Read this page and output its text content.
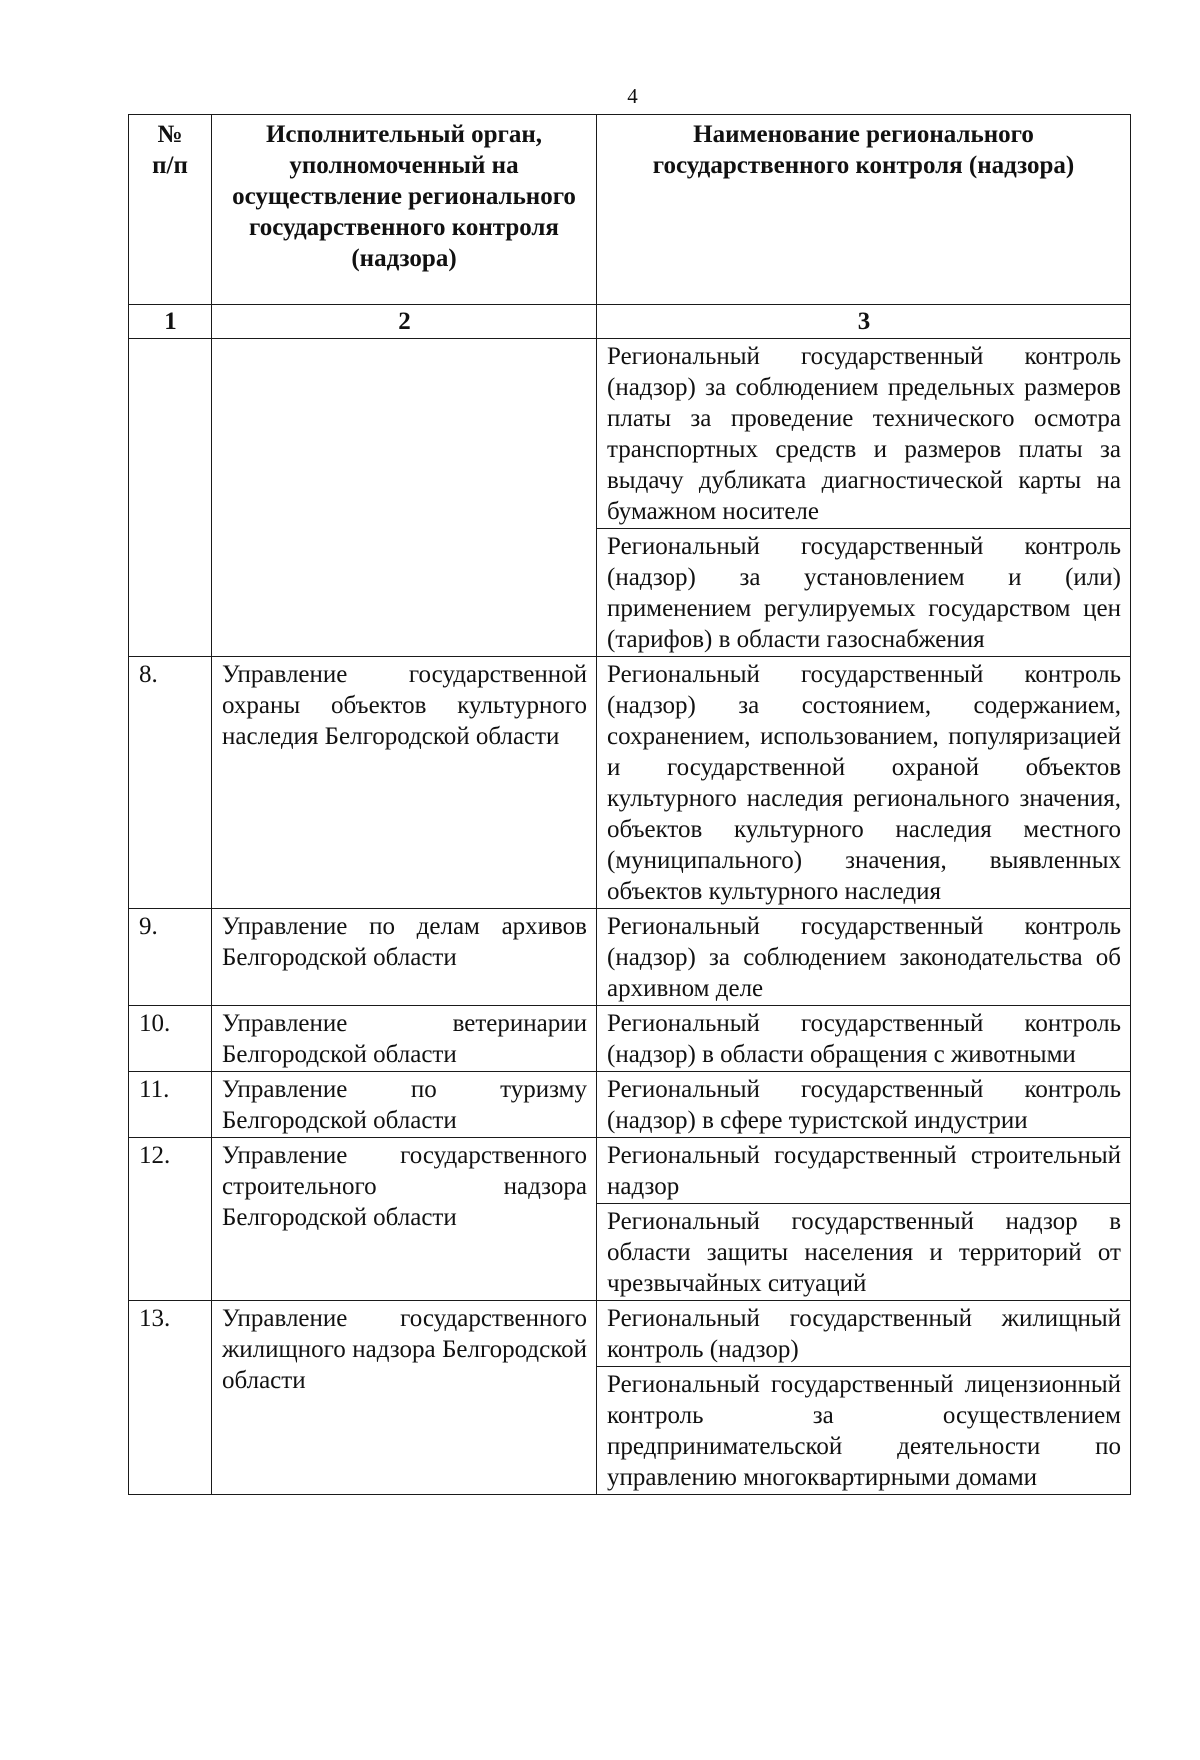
4
№ п/п	Исполнительный орган, уполномоченный на осуществление регионального государственного контроля (надзора)	Наименование регионального государственного контроля (надзора)
1	2	3
		Региональный государственный контроль (надзор) за соблюдением предельных размеров платы за проведение технического осмотра транспортных средств и размеров платы за выдачу дубликата диагностической карты на бумажном носителе
		Региональный государственный контроль (надзор) за установлением и (или) применением регулируемых государством цен (тарифов) в области газоснабжения
8.	Управление государственной охраны объектов культурного наследия Белгородской области	Региональный государственный контроль (надзор) за состоянием, содержанием, сохранением, использованием, популяризацией и государственной охраной объектов культурного наследия регионального значения, объектов культурного наследия местного (муниципального) значения, выявленных объектов культурного наследия
9.	Управление по делам архивов Белгородской области	Региональный государственный контроль (надзор) за соблюдением законодательства об архивном деле
10.	Управление ветеринарии Белгородской области	Региональный государственный контроль (надзор) в области обращения с животными
11.	Управление по туризму Белгородской области	Региональный государственный контроль (надзор) в сфере туристской индустрии
12.	Управление государственного строительного надзора Белгородской области	Региональный государственный строительный надзор
		Региональный государственный надзор в области защиты населения и территорий от чрезвычайных ситуаций
13.	Управление государственного жилищного надзора Белгородской области	Региональный государственный жилищный контроль (надзор)
		Региональный государственный лицензионный контроль за осуществлением предпринимательской деятельности по управлению многоквартирными домами
